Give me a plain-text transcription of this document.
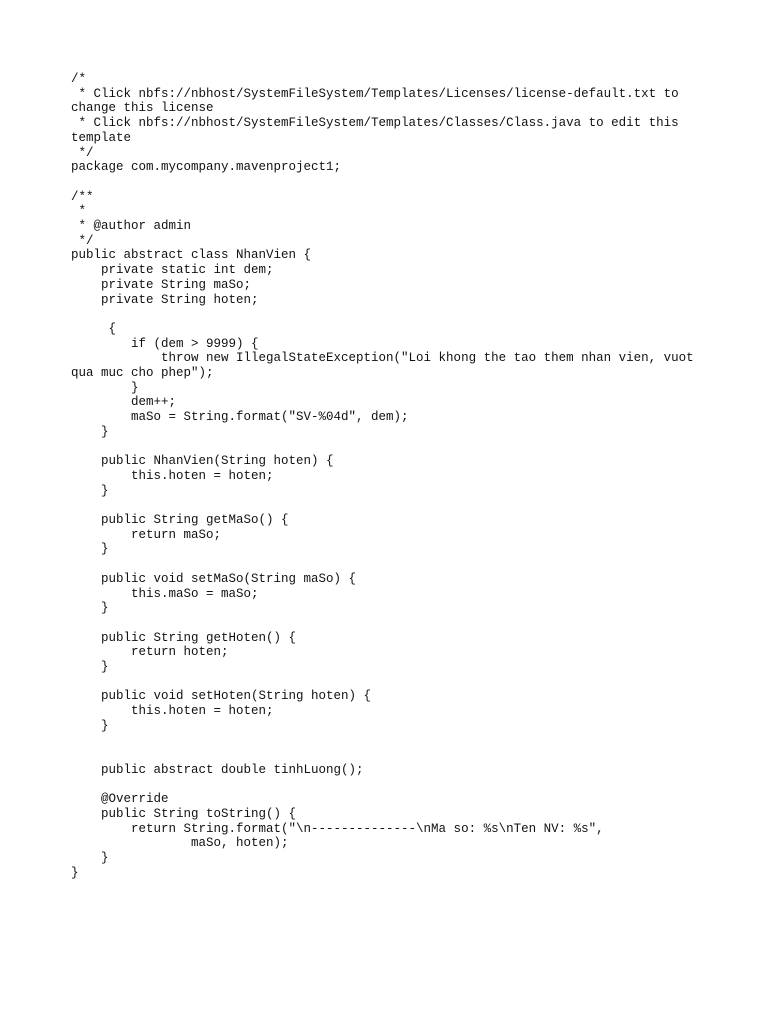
/*
* Click nbfs://nbhost/SystemFileSystem/Templates/Licenses/license-default.txt to
change this license
* Click nbfs://nbhost/SystemFileSystem/Templates/Classes/Class.java to edit this
template
*/
package com.mycompany.mavenproject1;
/**
*
* @author admin
*/
public abstract class NhanVien {
private static int dem;
private String maSo;
private String hoten;
{
if (dem > 9999) {
throw new IllegalStateException("Loi khong the tao them nhan vien, vuot
qua muc cho phep");
}
dem++;
maSo = String.format("SV-%04d", dem);
}
public NhanVien(String hoten) {
this.hoten = hoten;
}
public String getMaSo() {
return maSo;
}
public void setMaSo(String maSo) {
this.maSo = maSo;
}
public String getHoten() {
return hoten;
}
public void setHoten(String hoten) {
this.hoten = hoten;
}
public abstract double tinhLuong();
@Override
public String toString() {
return String.format("\n--------------\nMa so: %s\nTen NV: %s",
maSo, hoten);
}
}
